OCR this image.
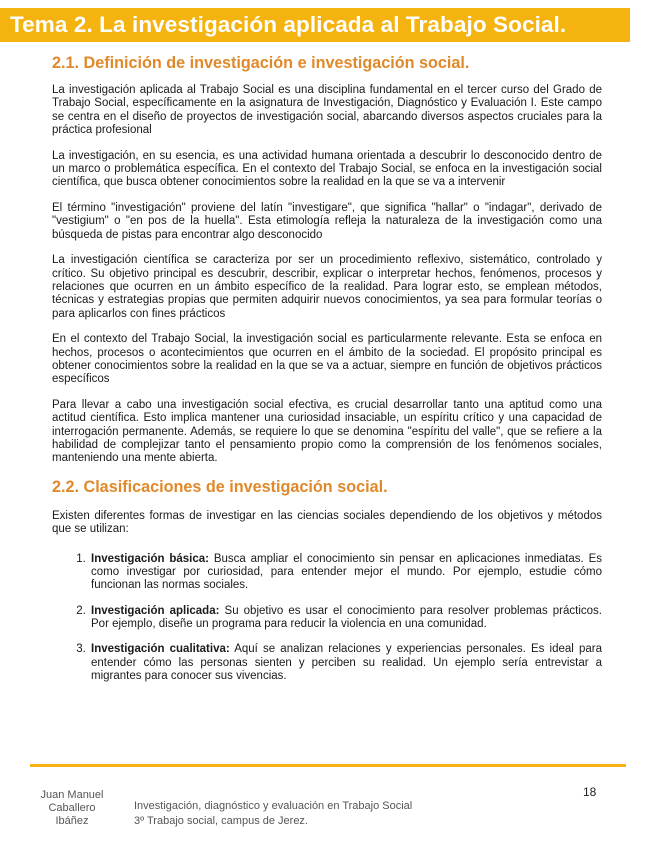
Tema 2. La investigación aplicada al Trabajo Social.
2.1. Definición de investigación e investigación social.

La investigación aplicada al Trabajo Social es una disciplina fundamental en el tercer curso del Grado de Trabajo Social, específicamente en la asignatura de Investigación, Diagnóstico y Evaluación I. Este campo se centra en el diseño de proyectos de investigación social, abarcando diversos aspectos cruciales para la práctica profesional

La investigación, en su esencia, es una actividad humana orientada a descubrir lo desconocido dentro de un marco o problemática específica. En el contexto del Trabajo Social, se enfoca en la investigación social científica, que busca obtener conocimientos sobre la realidad en la que se va a intervenir

El término "investigación" proviene del latín "investigare", que significa "hallar" o "indagar", derivado de "vestigium" o "en pos de la huella". Esta etimología refleja la naturaleza de la investigación como una búsqueda de pistas para encontrar algo desconocido

La investigación científica se caracteriza por ser un procedimiento reflexivo, sistemático, controlado y crítico. Su objetivo principal es descubrir, describir, explicar o interpretar hechos, fenómenos, procesos y relaciones que ocurren en un ámbito específico de la realidad. Para lograr esto, se emplean métodos, técnicas y estrategias propias que permiten adquirir nuevos conocimientos, ya sea para formular teorías o para aplicarlos con fines prácticos

En el contexto del Trabajo Social, la investigación social es particularmente relevante. Esta se enfoca en hechos, procesos o acontecimientos que ocurren en el ámbito de la sociedad. El propósito principal es obtener conocimientos sobre la realidad en la que se va a actuar, siempre en función de objetivos prácticos específicos

Para llevar a cabo una investigación social efectiva, es crucial desarrollar tanto una aptitud como una actitud científica. Esto implica mantener una curiosidad insaciable, un espíritu crítico y una capacidad de interrogación permanente. Además, se requiere lo que se denomina "espíritu del valle", que se refiere a la habilidad de complejizar tanto el pensamiento propio como la comprensión de los fenómenos sociales, manteniendo una mente abierta.

2.2. Clasificaciones de investigación social.

Existen diferentes formas de investigar en las ciencias sociales dependiendo de los objetivos y métodos que se utilizan:

1. Investigación básica: Busca ampliar el conocimiento sin pensar en aplicaciones inmediatas. Es como investigar por curiosidad, para entender mejor el mundo. Por ejemplo, estudie cómo funcionan las normas sociales.
2. Investigación aplicada: Su objetivo es usar el conocimiento para resolver problemas prácticos. Por ejemplo, diseñe un programa para reducir la violencia en una comunidad.
3. Investigación cualitativa: Aquí se analizan relaciones y experiencias personales. Es ideal para entender cómo las personas sienten y perciben su realidad. Un ejemplo sería entrevistar a migrantes para conocer sus vivencias.
Juan Manuel
Caballero
Ibáñez
Investigación, diagnóstico y evaluación en Trabajo Social
3º Trabajo social, campus de Jerez.
18
